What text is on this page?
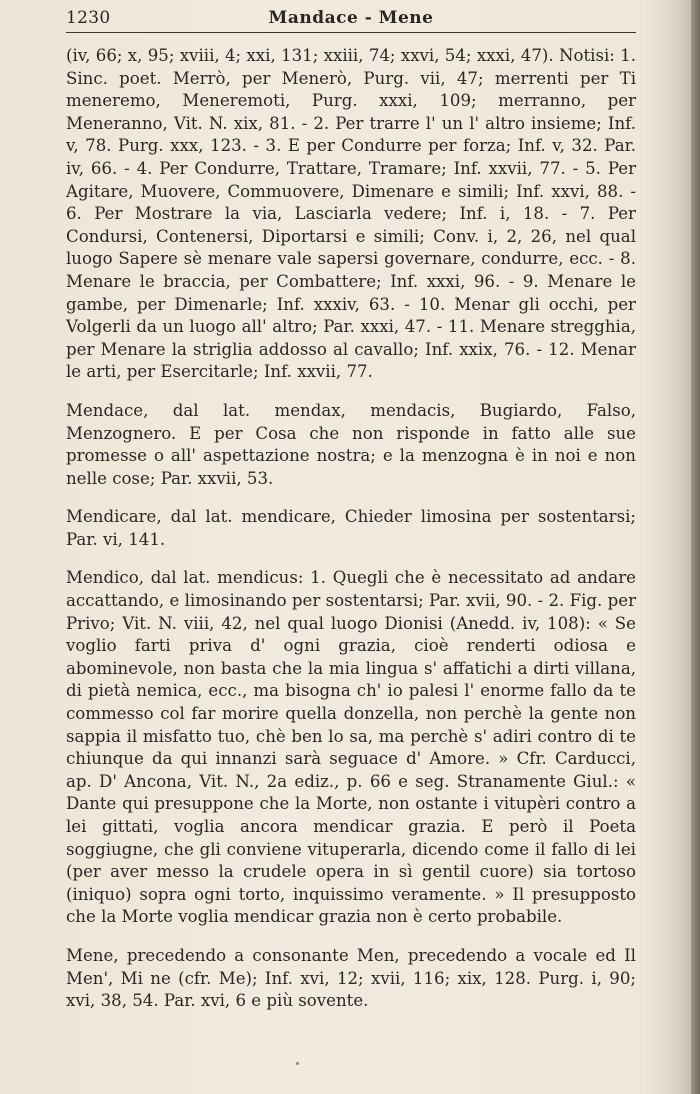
1230	Mandace - Mene

(iv, 66; x, 95; xviii, 4; xxi, 131; xxiii, 74; xxvi, 54; xxxi, 47). Notisi: 1. Sinc. poet. Merrò, per Menerò, Purg. vii, 47; merrenti per Ti meneremo, Meneremoti, Purg. xxxi, 109; merranno, per Meneranno, Vit. N. xix, 81. - 2. Per trarre l' un l' altro insieme; Inf. v, 78. Purg. xxx, 123. - 3. E per Condurre per forza; Inf. v, 32. Par. iv, 66. - 4. Per Condurre, Trattare, Tramare; Inf. xxvii, 77. - 5. Per Agitare, Muovere, Commuovere, Dimenare e simili; Inf. xxvi, 88. - 6. Per Mostrare la via, Lasciarla vedere; Inf. i, 18. - 7. Per Condursi, Contenersi, Diportarsi e simili; Conv. i, 2, 26, nel qual luogo Sapere sè menare vale sapersi governare, condurre, ecc. - 8. Menare le braccia, per Combattere; Inf. xxxi, 96. - 9. Menare le gambe, per Dimenarle; Inf. xxxiv, 63. - 10. Menar gli occhi, per Volgerli da un luogo all' altro; Par. xxxi, 47. - 11. Menare stregghia, per Menare la striglia addosso al cavallo; Inf. xxix, 76. - 12. Menar le arti, per Esercitarle; Inf. xxvii, 77.

Mendace, dal lat. mendax, mendacis, Bugiardo, Falso, Menzognero. E per Cosa che non risponde in fatto alle sue promesse o all' aspettazione nostra; e la menzogna è in noi e non nelle cose; Par. xxvii, 53.

Mendicare, dal lat. mendicare, Chieder limosina per sostentarsi; Par. vi, 141.

Mendico, dal lat. mendicus: 1. Quegli che è necessitato ad andare accattando, e limosinando per sostentarsi; Par. xvii, 90. - 2. Fig. per Privo; Vit. N. viii, 42, nel qual luogo Dionisi (Anedd. iv, 108): « Se voglio farti priva d' ogni grazia, cioè renderti odiosa e abominevole, non basta che la mia lingua s' affatichi a dirti villana, di pietà nemica, ecc., ma bisogna ch' io palesi l' enorme fallo da te commesso col far morire quella donzella, non perchè la gente non sappia il misfatto tuo, chè ben lo sa, ma perchè s' adiri contro di te chiunque da qui innanzi sarà seguace d' Amore. » Cfr. Carducci, ap. D' Ancona, Vit. N., 2a ediz., p. 66 e seg. Stranamente Giul.: « Dante qui presuppone che la Morte, non ostante i vitupèri contro a lei gittati, voglia ancora mendicar grazia. E però il Poeta soggiugne, che gli conviene vituperarla, dicendo come il fallo di lei (per aver messo la crudele opera in sì gentil cuore) sia tortoso (iniquo) sopra ogni torto, inquissimo veramente. » Il presupposto che la Morte voglia mendicar grazia non è certo probabile.

Mene, precedendo a consonante Men, precedendo a vocale ed Il Men', Mi ne (cfr. Me); Inf. xvi, 12; xvii, 116; xix, 128. Purg. i, 90; xvi, 38, 54. Par. xvi, 6 e più sovente.
